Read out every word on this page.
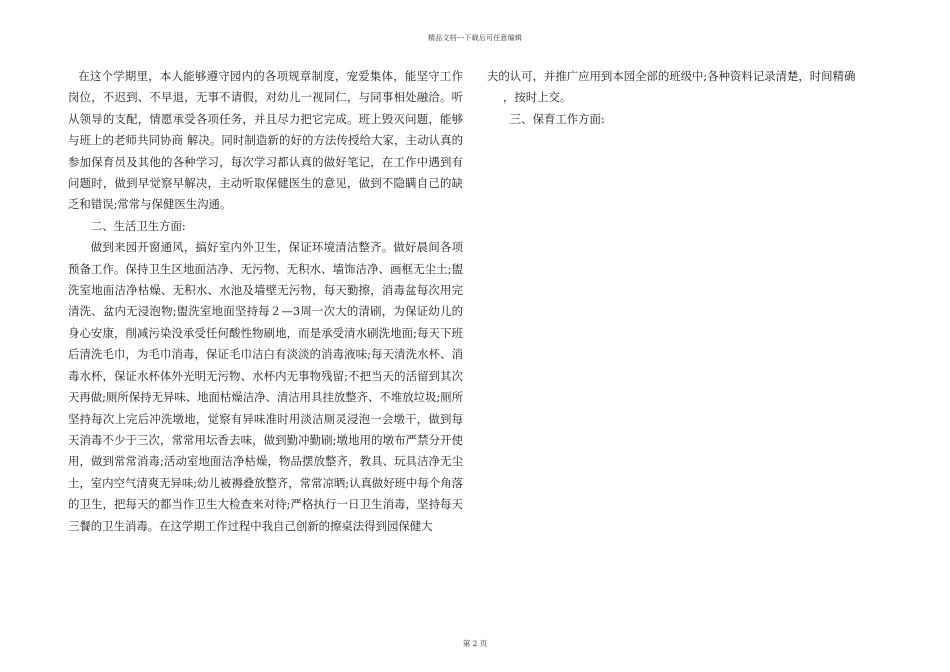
精品文档---下载后可任意编辑

在这个学期里，本人能够遵守园内的各项规章制度，宠爱集体，能坚守工作岗位，不迟到、不早退，无事不请假，对幼儿一视同仁，与同事相处融洽。听从领导的支配，情愿承受各项任务，并且尽力把它完成。班上毁灭问题，能够与班上的老师共同协商 解决。同时制造新的好的方法传授给大家，主动认真的参加保育员及其他的各种学习，每次学习都认真的做好笔记，在工作中遇到有问题时，做到早觉察早解决，主动听取保健医生的意见，做到不隐瞒自己的缺乏和错误;常常与保健医生沟通。

二、生活卫生方面:

做到来园开窗通风，搞好室内外卫生，保证环境清洁整齐。做好晨间各项预备工作。保持卫生区地面洁净、无污物、无积水、墙饰洁净、画框无尘土;盥洗室地面洁净枯燥、无积水、水池及墙壁无污物，每天勤擦，消毒盆每次用完清洗、盆内无浸泡物;盥洗室地面坚持每２—3周一次大的清刷，为保证幼儿的身心安康，削减污染没承受任何酸性物刷地，而是承受清水刷洗地面;每天下班后清洗毛巾，为毛巾消毒，保证毛巾洁白有淡淡的消毒液味;每天清洗水杯、消毒水杯，保证水杯体外光明无污物、水杯内无事物残留;不把当天的活留到其次天再做;厕所保持无异味、地面枯燥洁净、清洁用具挂放整齐、不堆放垃圾;厕所坚持每次上完后冲洗墩地，觉察有异味准时用淡洁厕灵浸泡一会墩干，做到每天消毒不少于三次，常常用坛香去味，做到勤冲勤刷;墩地用的墩布严禁分开使用，做到常常消毒;活动室地面洁净枯燥，物品摆放整齐，教具、玩具洁净无尘土，室内空气清爽无异味;幼儿被褥叠放整齐，常常凉晒;认真做好班中每个角落的卫生，把每天的都当作卫生大检查来对待;严格执行一日卫生消毒，坚持每天三餐的卫生消毒。在这学期工作过程中我自己创新的擦桌法得到园保健大

夫的认可，并推广应用到本园全部的班级中;各种资料记录清楚，时间精确

，按时上交。

三、保育工作方面:

第 2 页
